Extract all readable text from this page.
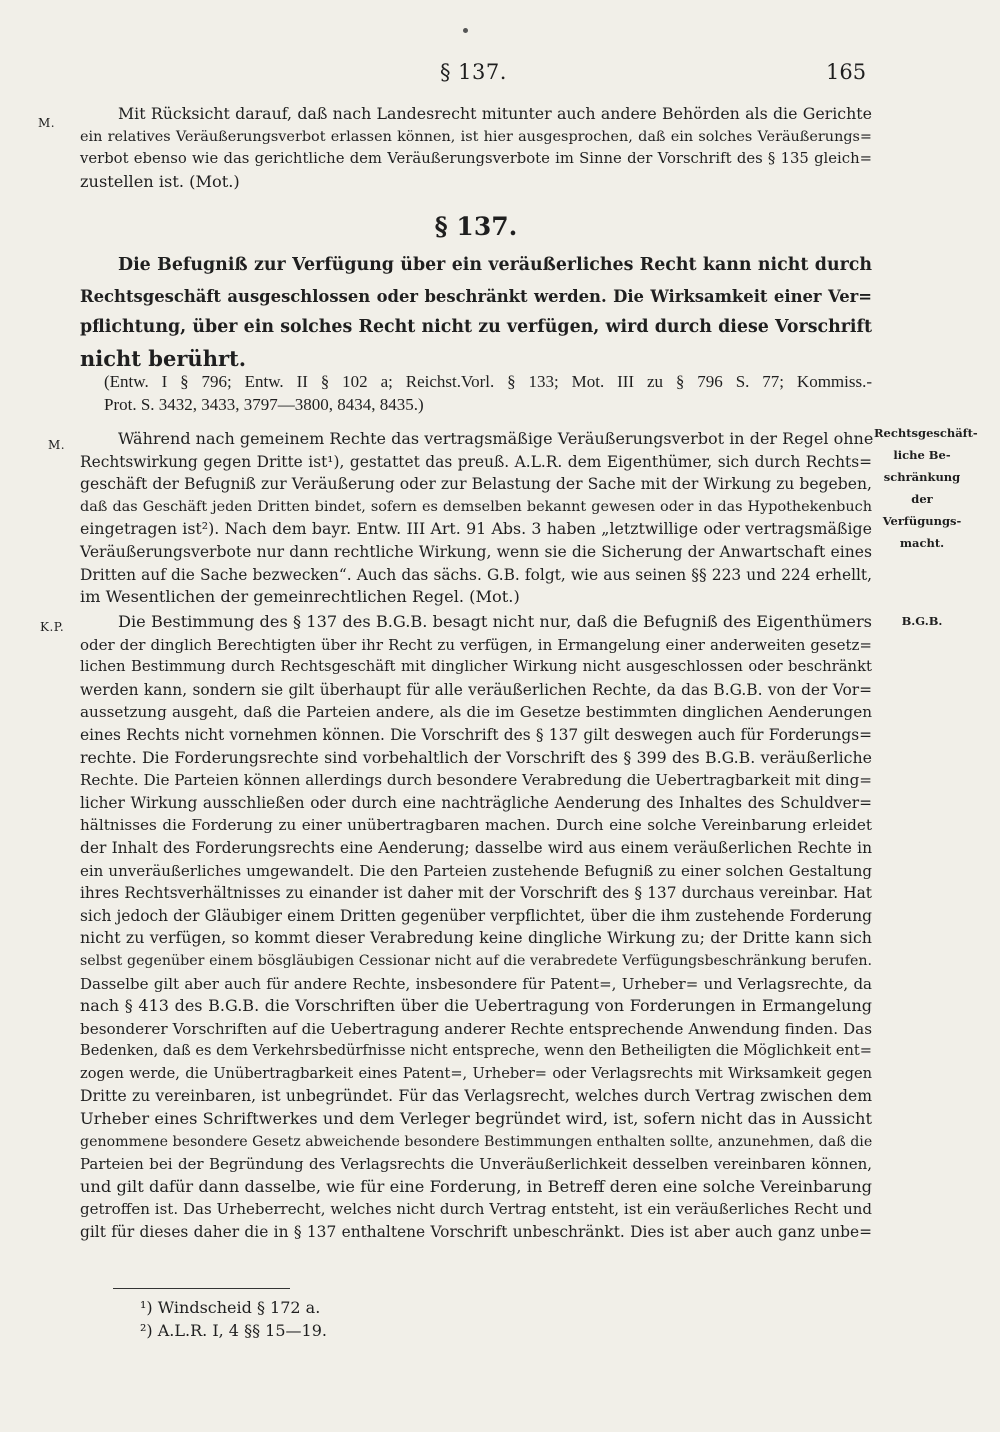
§ 137.	165
M.	Mit Rücksicht darauf, daß nach Landesrecht mitunter auch andere Behörden als die Gerichte
ein relatives Veräußerungsverbot erlassen können, ist hier ausgesprochen, daß ein solches Veräußerungs=
verbot ebenso wie das gerichtliche dem Veräußerungsverbote im Sinne der Vorschrift des § 135 gleich=
zustellen ist. (Mot.)
§ 137.
Die Befugniß zur Verfügung über ein veräußerliches Recht kann nicht durch
Rechtsgeschäft ausgeschlossen oder beschränkt werden. Die Wirksamkeit einer Ver=
pflichtung, über ein solches Recht nicht zu verfügen, wird durch diese Vorschrift
nicht berührt.
(Entw. I § 796; Entw. II § 102 a; Reichst.Vorl. § 133; Mot. III zu § 796 S. 77; Kommiss.-
Prot. S. 3432, 3433, 3797—3800, 8434, 8435.)
M.
Rechtsgeschäft-
liche Be-
schränkung der
Verfügungs-
macht.
Während nach gemeinem Rechte das vertragsmäßige Veräußerungsverbot in der Regel ohne
Rechtswirkung gegen Dritte ist¹), gestattet das preuß. A.L.R. dem Eigenthümer, sich durch Rechts=
geschäft der Befugniß zur Veräußerung oder zur Belastung der Sache mit der Wirkung zu begeben,
daß das Geschäft jeden Dritten bindet, sofern es demselben bekannt gewesen oder in das Hypothekenbuch
eingetragen ist²). Nach dem bayr. Entw. III Art. 91 Abs. 3 haben „letztwillige oder vertragsmäßige
Veräußerungsverbote nur dann rechtliche Wirkung, wenn sie die Sicherung der Anwartschaft eines
Dritten auf die Sache bezwecken“. Auch das sächs. G.B. folgt, wie aus seinen §§ 223 und 224 erhellt,
im Wesentlichen der gemeinrechtlichen Regel. (Mot.)
K.P.	B.G.B.
Die Bestimmung des § 137 des B.G.B. besagt nicht nur, daß die Befugniß des Eigenthümers
oder der dinglich Berechtigten über ihr Recht zu verfügen, in Ermangelung einer anderweiten gesetz=
lichen Bestimmung durch Rechtsgeschäft mit dinglicher Wirkung nicht ausgeschlossen oder beschränkt
werden kann, sondern sie gilt überhaupt für alle veräußerlichen Rechte, da das B.G.B. von der Vor=
aussetzung ausgeht, daß die Parteien andere, als die im Gesetze bestimmten dinglichen Aenderungen
eines Rechts nicht vornehmen können. Die Vorschrift des § 137 gilt deswegen auch für Forderungs=
rechte. Die Forderungsrechte sind vorbehaltlich der Vorschrift des § 399 des B.G.B. veräußerliche
Rechte. Die Parteien können allerdings durch besondere Verabredung die Uebertragbarkeit mit ding=
licher Wirkung ausschließen oder durch eine nachträgliche Aenderung des Inhaltes des Schuldver=
hältnisses die Forderung zu einer unübertragbaren machen. Durch eine solche Vereinbarung erleidet
der Inhalt des Forderungsrechts eine Aenderung; dasselbe wird aus einem veräußerlichen Rechte in
ein unveräußerliches umgewandelt. Die den Parteien zustehende Befugniß zu einer solchen Gestaltung
ihres Rechtsverhältnisses zu einander ist daher mit der Vorschrift des § 137 durchaus vereinbar. Hat
sich jedoch der Gläubiger einem Dritten gegenüber verpflichtet, über die ihm zustehende Forderung
nicht zu verfügen, so kommt dieser Verabredung keine dingliche Wirkung zu; der Dritte kann sich
selbst gegenüber einem bösgläubigen Cessionar nicht auf die verabredete Verfügungsbeschränkung berufen.
Dasselbe gilt aber auch für andere Rechte, insbesondere für Patent=, Urheber= und Verlagsrechte, da
nach § 413 des B.G.B. die Vorschriften über die Uebertragung von Forderungen in Ermangelung
besonderer Vorschriften auf die Uebertragung anderer Rechte entsprechende Anwendung finden. Das
Bedenken, daß es dem Verkehrsbedürfnisse nicht entspreche, wenn den Betheiligten die Möglichkeit ent=
zogen werde, die Unübertragbarkeit eines Patent=, Urheber= oder Verlagsrechts mit Wirksamkeit gegen
Dritte zu vereinbaren, ist unbegründet. Für das Verlagsrecht, welches durch Vertrag zwischen dem
Urheber eines Schriftwerkes und dem Verleger begründet wird, ist, sofern nicht das in Aussicht
genommene besondere Gesetz abweichende besondere Bestimmungen enthalten sollte, anzunehmen, daß die
Parteien bei der Begründung des Verlagsrechts die Unveräußerlichkeit desselben vereinbaren können,
und gilt dafür dann dasselbe, wie für eine Forderung, in Betreff deren eine solche Vereinbarung
getroffen ist. Das Urheberrecht, welches nicht durch Vertrag entsteht, ist ein veräußerliches Recht und
gilt für dieses daher die in § 137 enthaltene Vorschrift unbeschränkt. Dies ist aber auch ganz unbe=
¹) Windscheid § 172 a.
²) A.L.R. I, 4 §§ 15—19.
